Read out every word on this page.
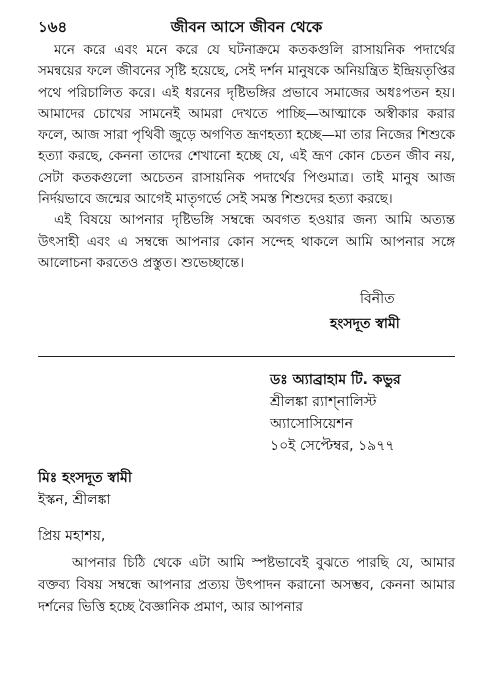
১৬৪	জীবন আসে জীবন থেকে

মনে করে এবং মনে করে যে ঘটনাক্রমে কতকগুলি রাসায়নিক পদার্থের সমন্বয়ের ফলে জীবনের সৃষ্টি হয়েছে, সেই দর্শন মানুষকে অনিয়ন্ত্রিত ইন্দ্রিয়তৃপ্তির পথে পরিচালিত করে। এই ধরনের দৃষ্টিভঙ্গির প্রভাবে সমাজের অধঃপতন হয়। আমাদের চোখের সামনেই আমরা দেখতে পাচ্ছি—আত্মাকে অস্বীকার করার ফলে, আজ সারা পৃথিবী জুড়ে অগণিত ভ্রূণহত্যা হচ্ছে—মা তার নিজের শিশুকে হত্যা করছে, কেননা তাদের শেখানো হচ্ছে যে, এই ভ্রূণ কোন চেতন জীব নয়, সেটা কতকগুলো অচেতন রাসায়নিক পদার্থের পিণ্ডমাত্র। তাই মানুষ আজ নির্দয়ভাবে জন্মের আগেই মাতৃগর্ভে সেই সমস্ত শিশুদের হত্যা করছে।

এই বিষয়ে আপনার দৃষ্টিভঙ্গি সম্বন্ধে অবগত হওয়ার জন্য আমি অত্যন্ত উৎসাহী এবং এ সম্বন্ধে আপনার কোন সন্দেহ থাকলে আমি আপনার সঙ্গে আলোচনা করতেও প্রস্তুত। শুভেচ্ছান্তে।

বিনীত
হংসদূত স্বামী
ডঃ অ্যাব্রাহাম টি. কভুর
শ্রীলঙ্কা র‍্যাশ্‌নালিস্ট অ্যাসোসিয়েশন
১০ই সেপ্টেম্বর, ১৯৭৭
মিঃ হংসদূত স্বামী
ইস্কন, শ্রীলঙ্কা
প্রিয় মহাশয়,

আপনার চিঠি থেকে এটা আমি স্পষ্টভাবেই বুঝতে পারছি যে, আমার বক্তব্য বিষয় সম্বন্ধে আপনার প্রত্যয় উৎপাদন করানো অসম্ভব, কেননা আমার দর্শনের ভিত্তি হচ্ছে বৈজ্ঞানিক প্রমাণ, আর আপনার
